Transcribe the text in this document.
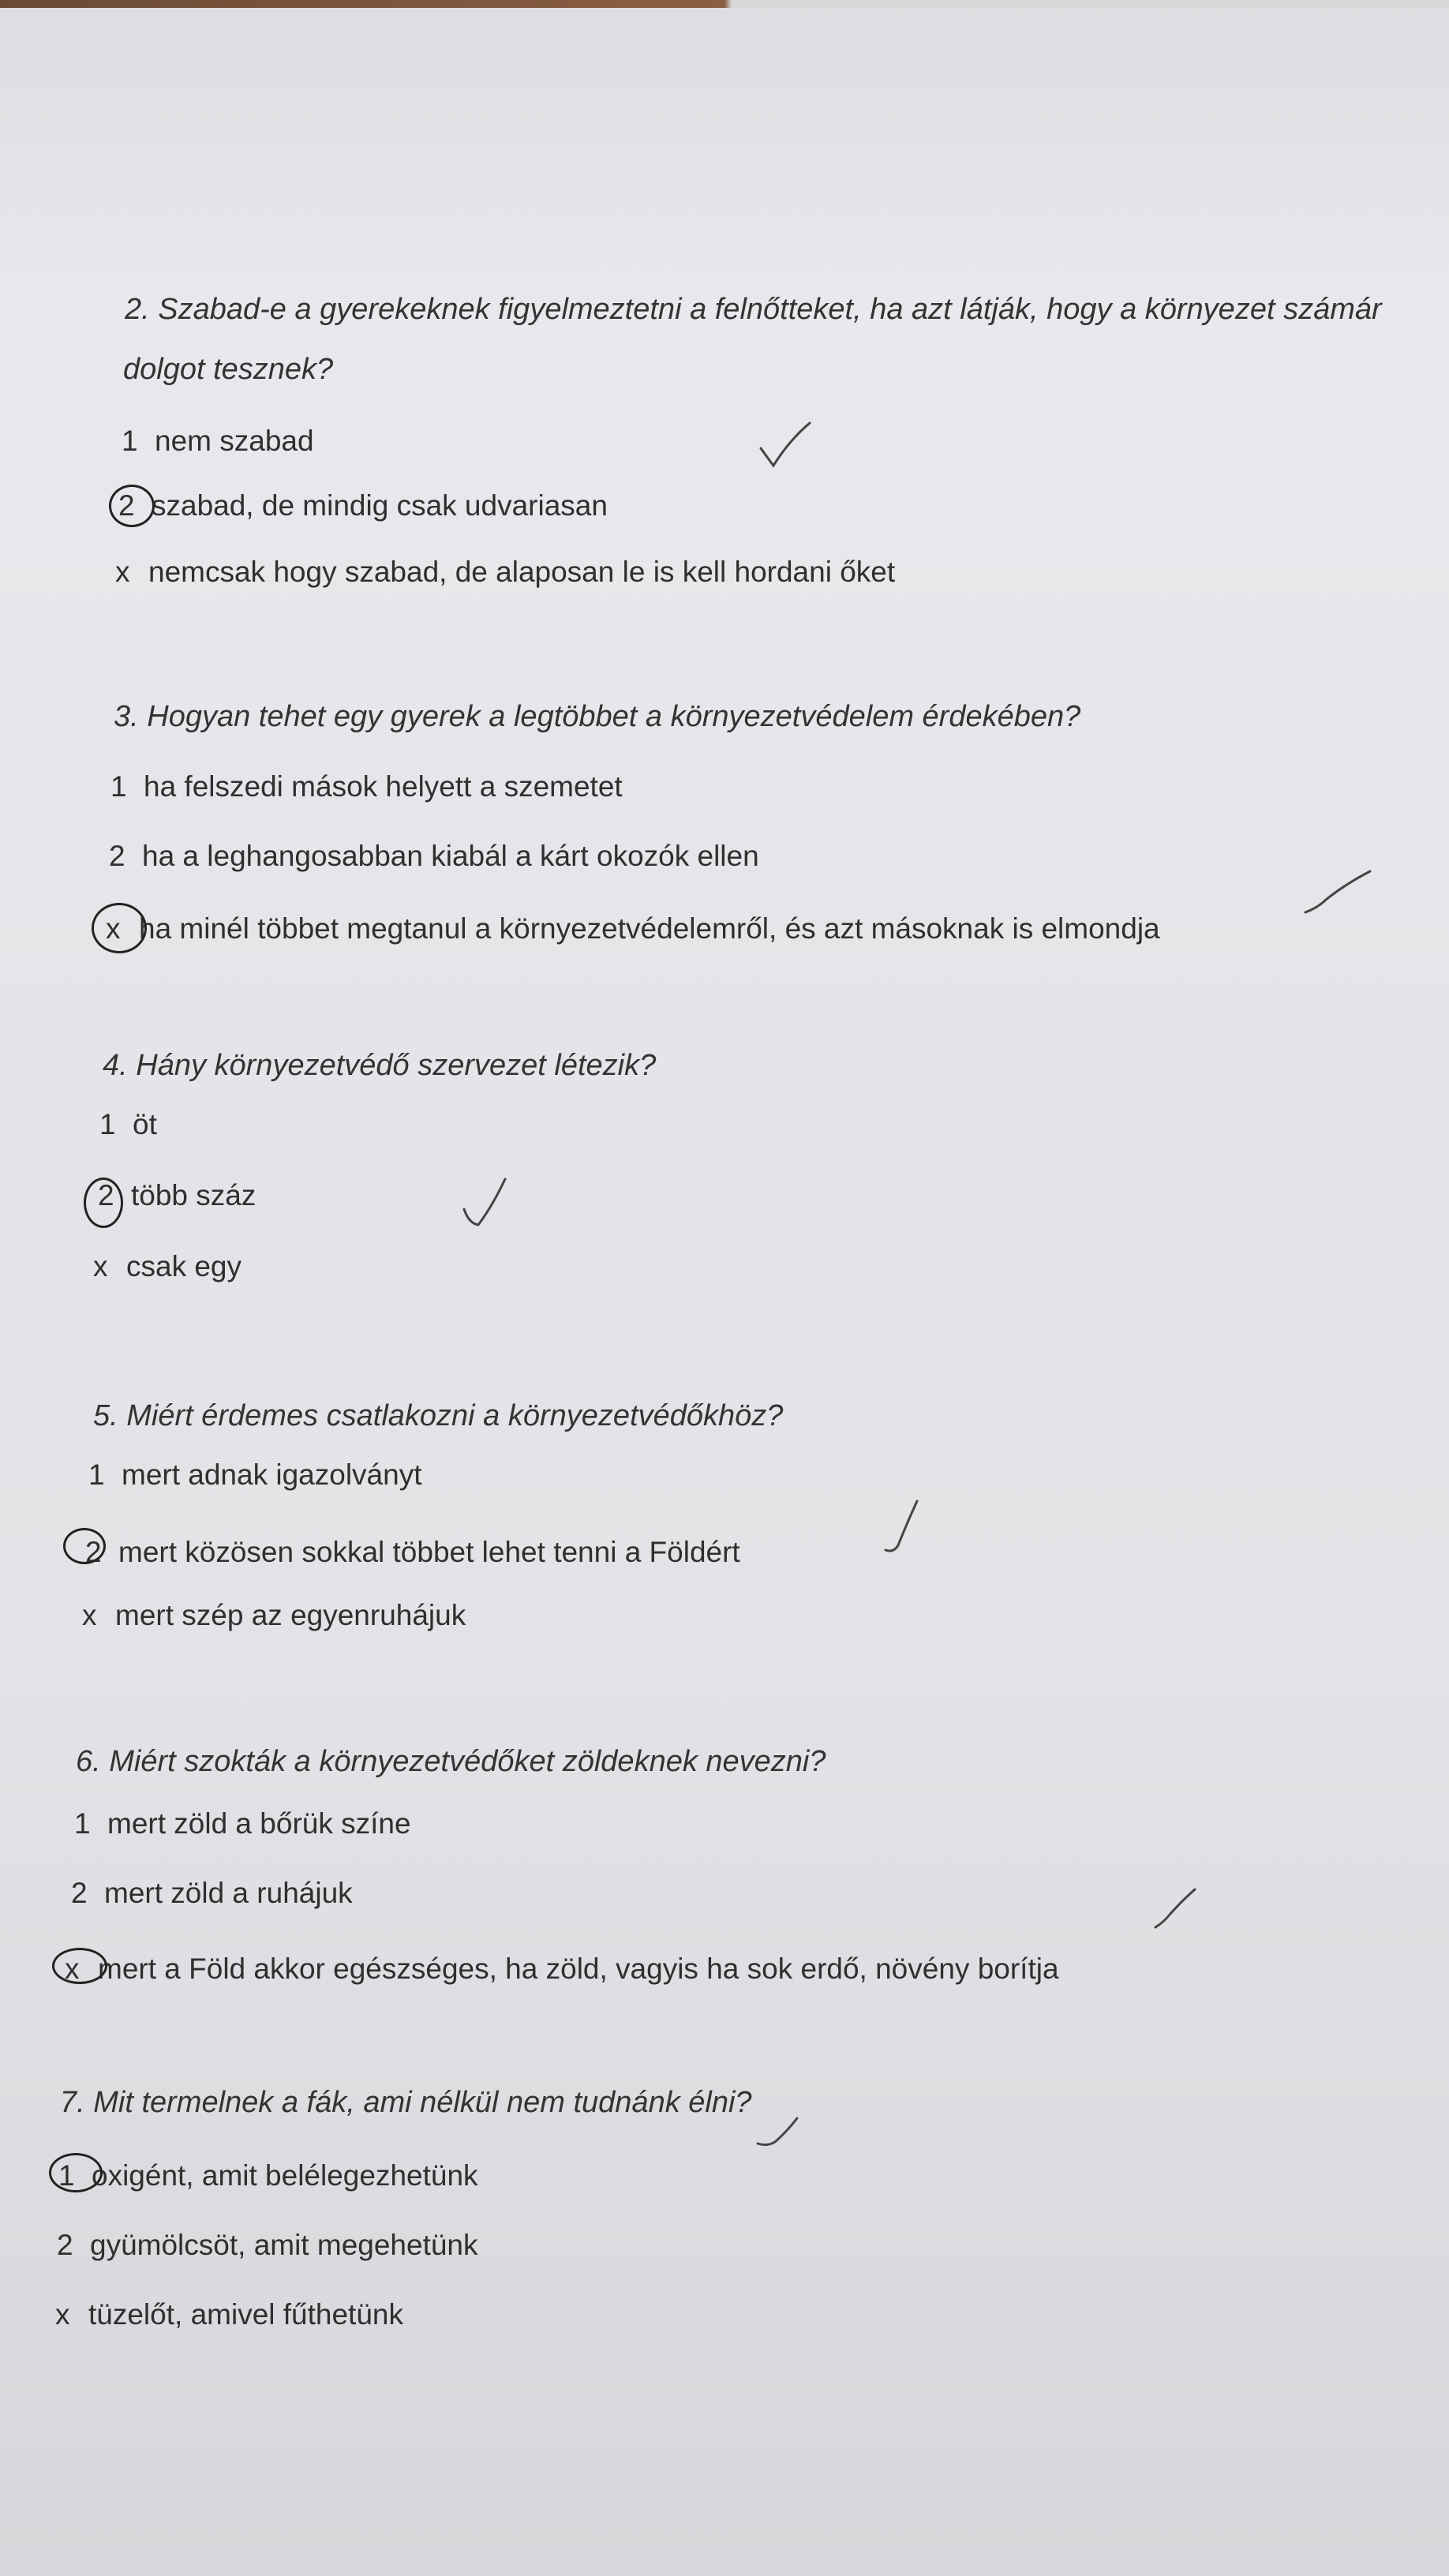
2. Szabad-e a gyerekeknek figyelmeztetni a felnőtteket, ha azt látják, hogy a környezet számár
dolgot tesznek?
1 nem szabad
2 szabad, de mindig csak udvariasan
x nemcsak hogy szabad, de alaposan le is kell hordani őket
3. Hogyan tehet egy gyerek a legtöbbet a környezetvédelem érdekében?
1 ha felszedi mások helyett a szemetet
2 ha a leghangosabban kiabál a kárt okozók ellen
x ha minél többet megtanul a környezetvédelemről, és azt másoknak is elmondja
4. Hány környezetvédő szervezet létezik?
1 öt
2 több száz
x csak egy
5. Miért érdemes csatlakozni a környezetvédőkhöz?
1 mert adnak igazolványt
2 mert közösen sokkal többet lehet tenni a Földért
x mert szép az egyenruhájuk
6. Miért szokták a környezetvédőket zöldeknek nevezni?
1 mert zöld a bőrük színe
2 mert zöld a ruhájuk
x mert a Föld akkor egészséges, ha zöld, vagyis ha sok erdő, növény borítja
7. Mit termelnek a fák, ami nélkül nem tudnánk élni?
1 oxigént, amit belélegezhetünk
2 gyümölcsöt, amit megehetünk
x tüzelőt, amivel fűthetünk
